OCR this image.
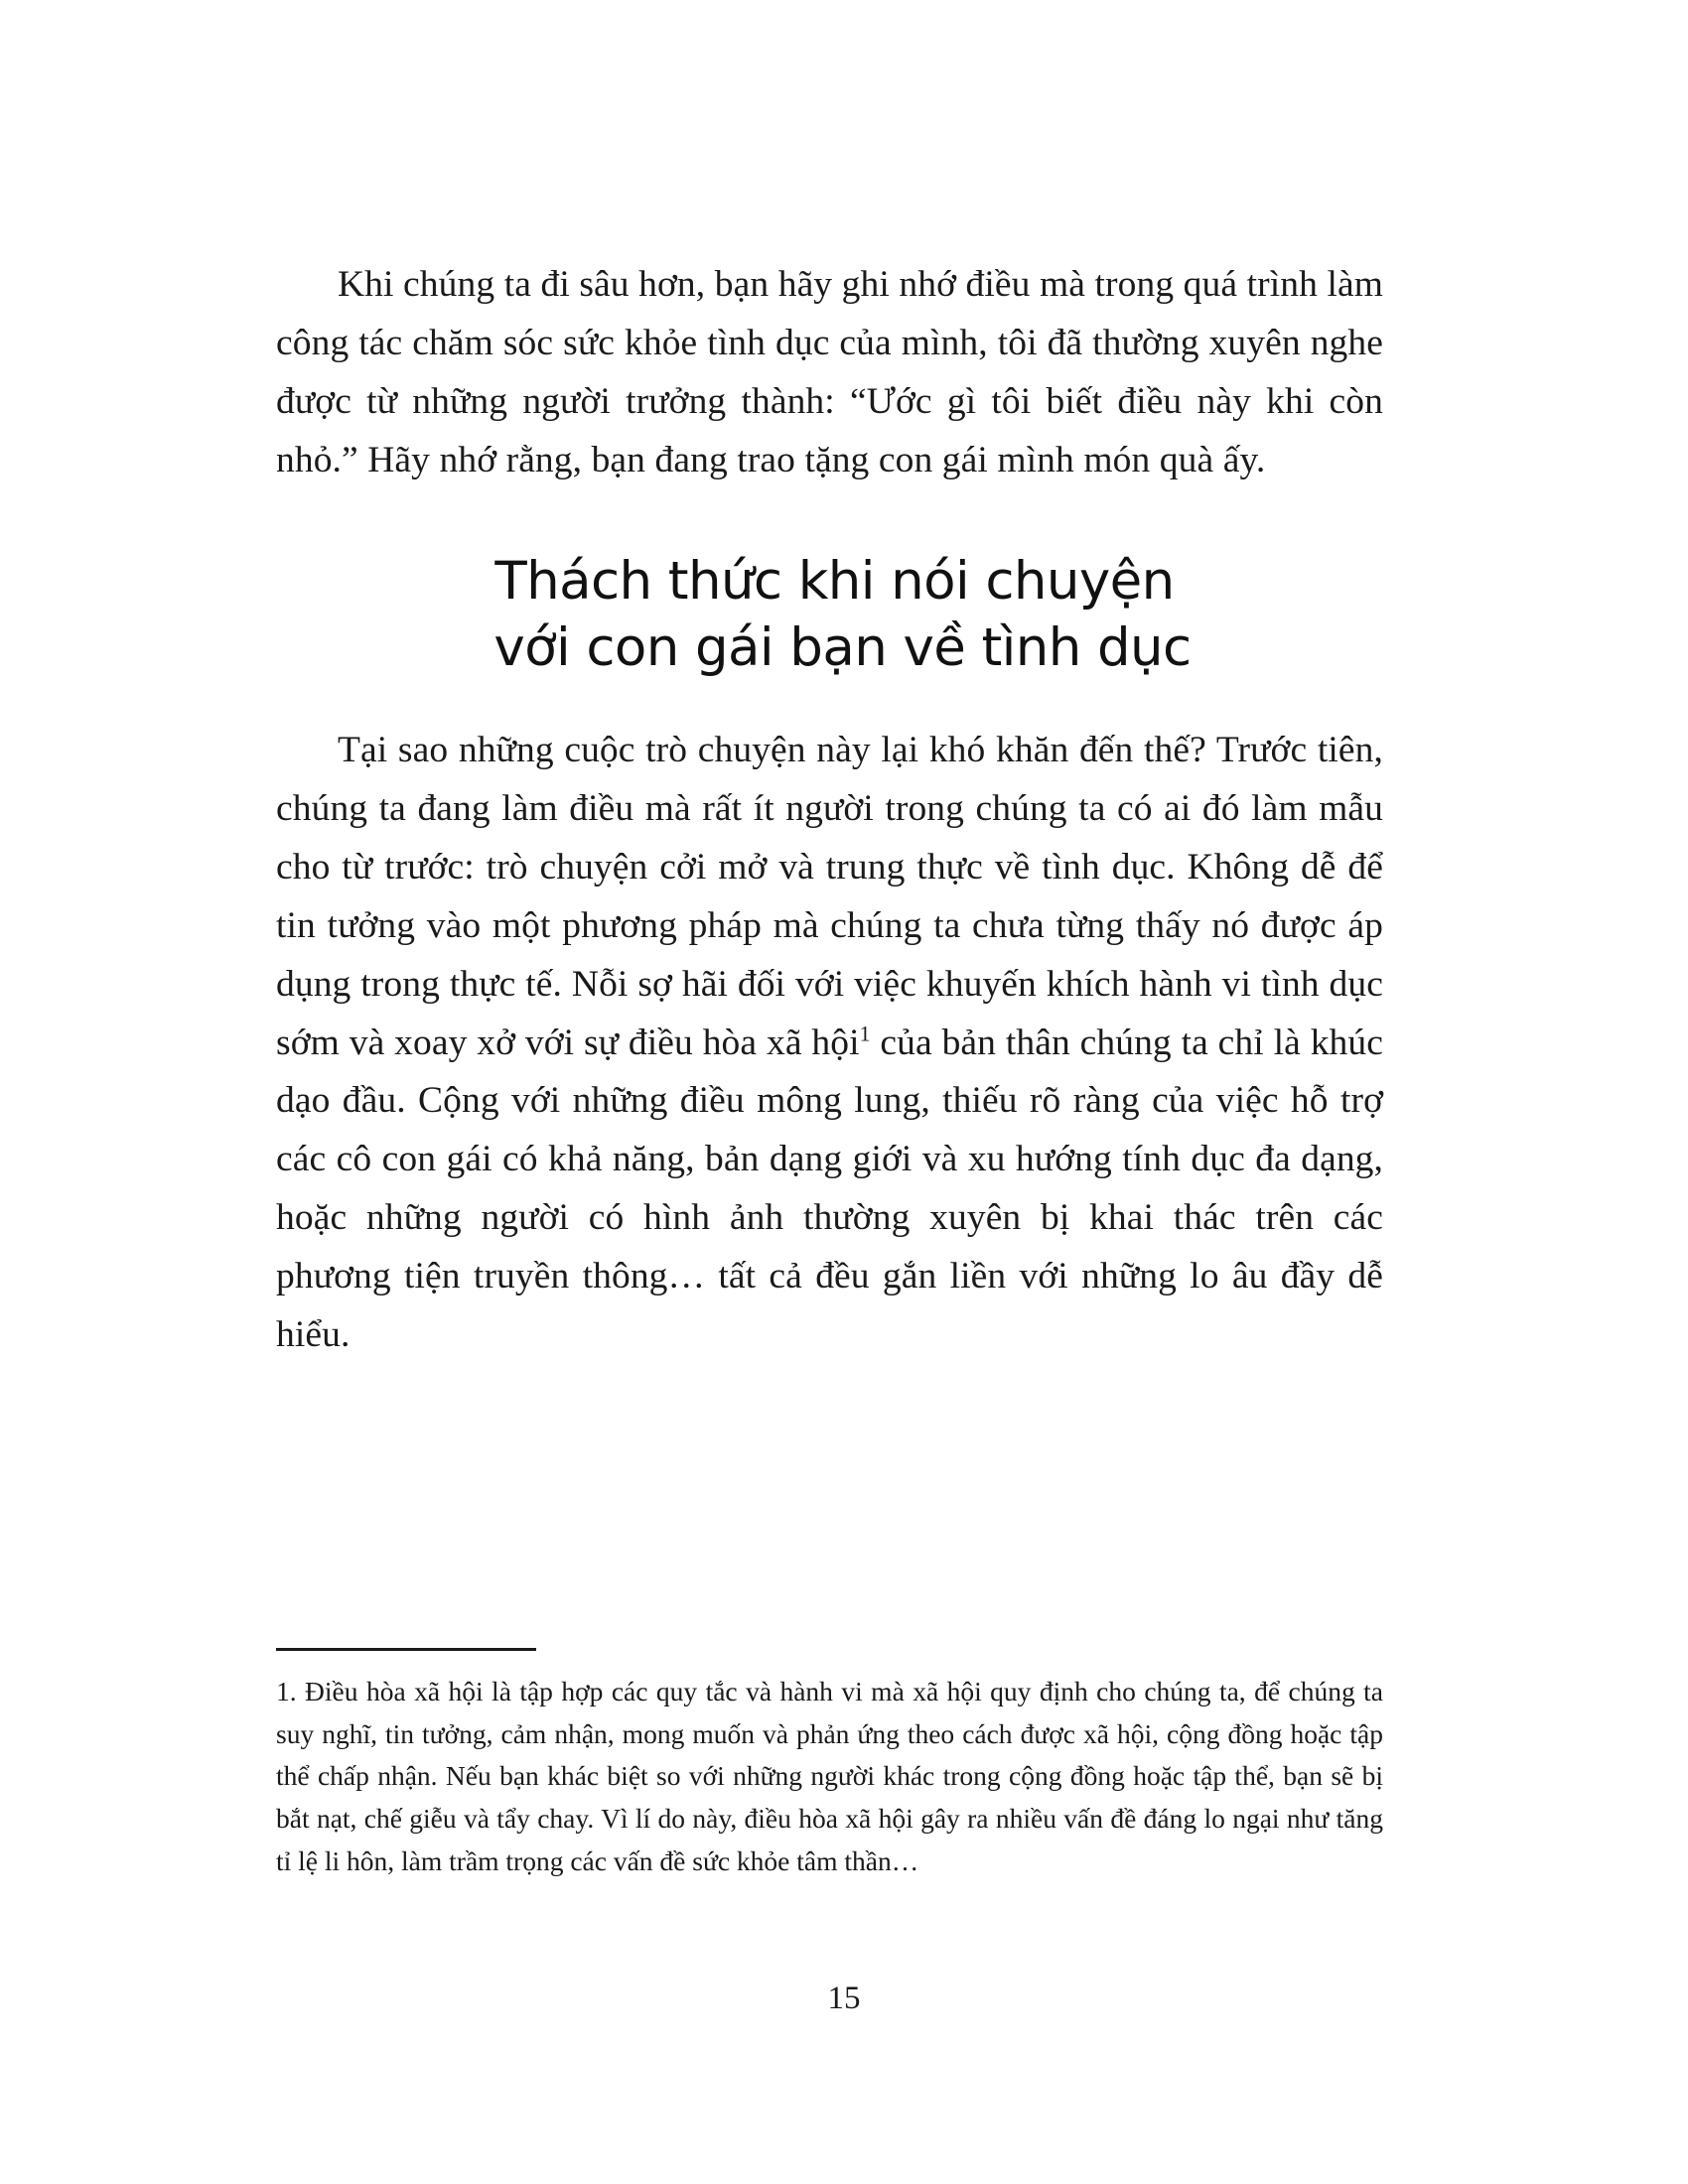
Khi chúng ta đi sâu hơn, bạn hãy ghi nhớ điều mà trong quá trình làm công tác chăm sóc sức khỏe tình dục của mình, tôi đã thường xuyên nghe được từ những người trưởng thành: “Ước gì tôi biết điều này khi còn nhỏ.” Hãy nhớ rằng, bạn đang trao tặng con gái mình món quà ấy.

Thách thức khi nói chuyện
với con gái bạn về tình dục

Tại sao những cuộc trò chuyện này lại khó khăn đến thế? Trước tiên, chúng ta đang làm điều mà rất ít người trong chúng ta có ai đó làm mẫu cho từ trước: trò chuyện cởi mở và trung thực về tình dục. Không dễ để tin tưởng vào một phương pháp mà chúng ta chưa từng thấy nó được áp dụng trong thực tế. Nỗi sợ hãi đối với việc khuyến khích hành vi tình dục sớm và xoay xở với sự điều hòa xã hội$^1$ của bản thân chúng ta chỉ là khúc dạo đầu. Cộng với những điều mông lung, thiếu rõ ràng của việc hỗ trợ các cô con gái có khả năng, bản dạng giới và xu hướng tính dục đa dạng, hoặc những người có hình ảnh thường xuyên bị khai thác trên các phương tiện truyền thông… tất cả đều gắn liền với những lo âu đầy dễ hiểu.

1. Điều hòa xã hội là tập hợp các quy tắc và hành vi mà xã hội quy định cho chúng ta, để chúng ta suy nghĩ, tin tưởng, cảm nhận, mong muốn và phản ứng theo cách được xã hội, cộng đồng hoặc tập thể chấp nhận. Nếu bạn khác biệt so với những người khác trong cộng đồng hoặc tập thể, bạn sẽ bị bắt nạt, chế giễu và tẩy chay. Vì lí do này, điều hòa xã hội gây ra nhiều vấn đề đáng lo ngại như tăng tỉ lệ li hôn, làm trầm trọng các vấn đề sức khỏe tâm thần…

15
